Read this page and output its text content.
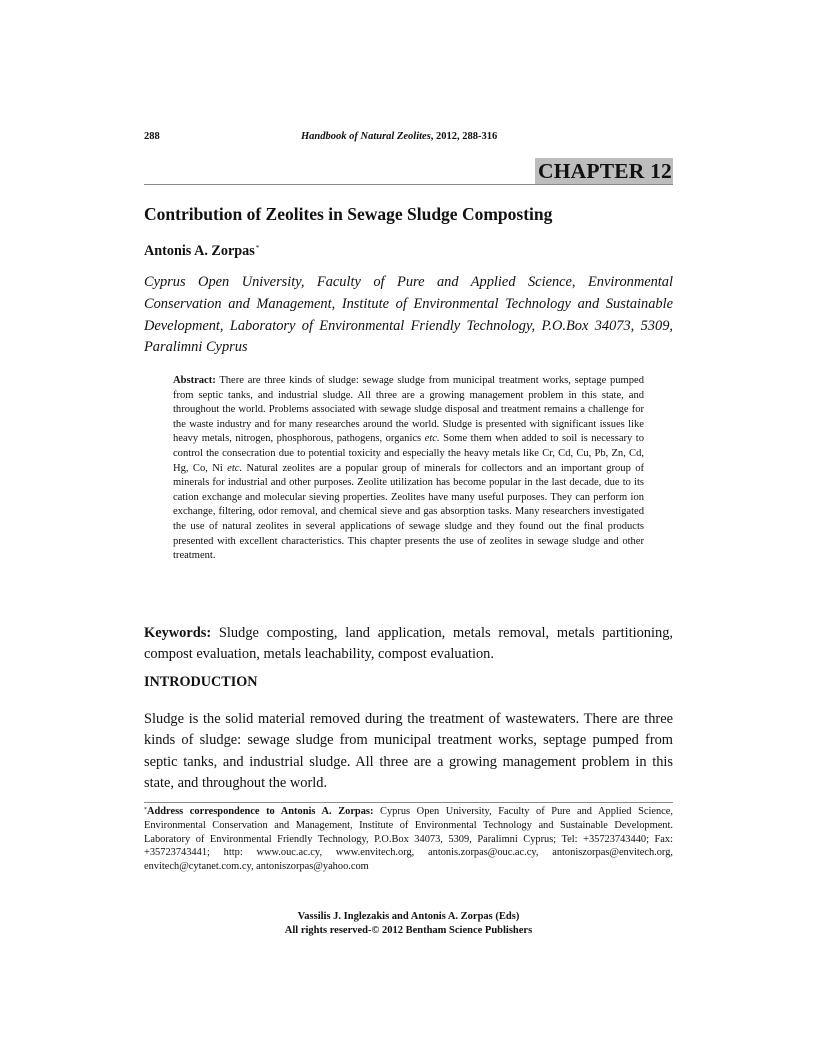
288	Handbook of Natural Zeolites, 2012, 288-316
CHAPTER 12
Contribution of Zeolites in Sewage Sludge Composting
Antonis A. Zorpas*
Cyprus Open University, Faculty of Pure and Applied Science, Environmental Conservation and Management, Institute of Environmental Technology and Sustainable Development, Laboratory of Environmental Friendly Technology, P.O.Box 34073, 5309, Paralimni Cyprus
Abstract: There are three kinds of sludge: sewage sludge from municipal treatment works, septage pumped from septic tanks, and industrial sludge. All three are a growing management problem in this state, and throughout the world. Problems associated with sewage sludge disposal and treatment remains a challenge for the waste industry and for many researches around the world. Sludge is presented with significant issues like heavy metals, nitrogen, phosphorous, pathogens, organics etc. Some them when added to soil is necessary to control the consecration due to potential toxicity and especially the heavy metals like Cr, Cd, Cu, Pb, Zn, Cd, Hg, Co, Ni etc. Natural zeolites are a popular group of minerals for collectors and an important group of minerals for industrial and other purposes. Zeolite utilization has become popular in the last decade, due to its cation exchange and molecular sieving properties. Zeolites have many useful purposes. They can perform ion exchange, filtering, odor removal, and chemical sieve and gas absorption tasks. Many researchers investigated the use of natural zeolites in several applications of sewage sludge and they found out the final products presented with excellent characteristics. This chapter presents the use of zeolites in sewage sludge and other treatment.
Keywords: Sludge composting, land application, metals removal, metals partitioning, compost evaluation, metals leachability, compost evaluation.
INTRODUCTION
Sludge is the solid material removed during the treatment of wastewaters. There are three kinds of sludge: sewage sludge from municipal treatment works, septage pumped from septic tanks, and industrial sludge. All three are a growing management problem in this state, and throughout the world.
*Address correspondence to Antonis A. Zorpas: Cyprus Open University, Faculty of Pure and Applied Science, Environmental Conservation and Management, Institute of Environmental Technology and Sustainable Development. Laboratory of Environmental Friendly Technology, P.O.Box 34073, 5309, Paralimni Cyprus; Tel: +35723743440; Fax: +35723743441; http: www.ouc.ac.cy, www.envitech.org, antonis.zorpas@ouc.ac.cy, antoniszorpas@envitech.org, envitech@cytanet.com.cy, antoniszorpas@yahoo.com
Vassilis J. Inglezakis and Antonis A. Zorpas (Eds)
All rights reserved-© 2012 Bentham Science Publishers
